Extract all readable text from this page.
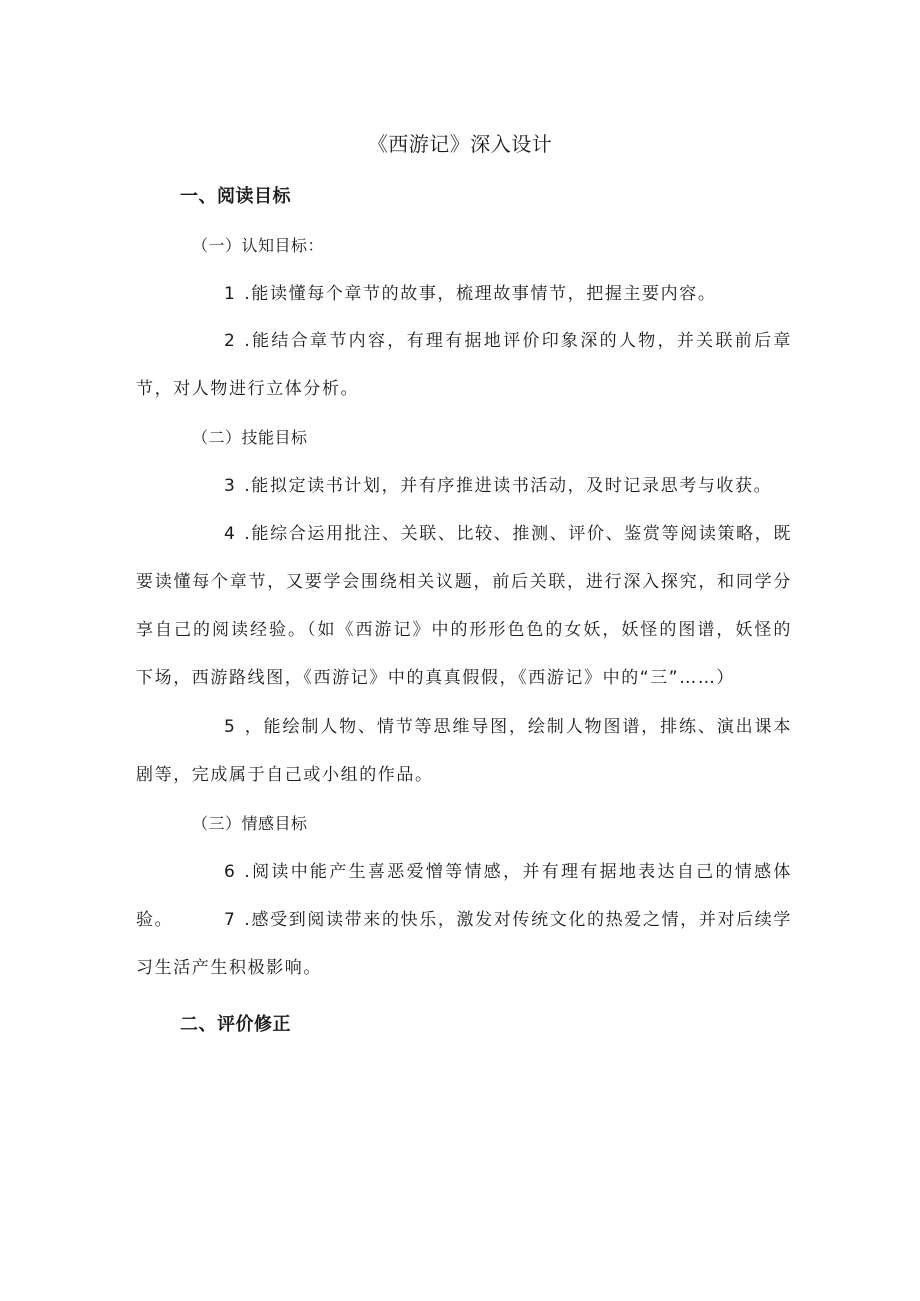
《西游记》深入设计
一、阅读目标
（一）认知目标：
1 .能读懂每个章节的故事，梳理故事情节，把握主要内容。
2 .能结合章节内容，有理有据地评价印象深的人物，并关联前后章节，对人物进行立体分析。
（二）技能目标
3 .能拟定读书计划，并有序推进读书活动，及时记录思考与收获。
4 .能综合运用批注、关联、比较、推测、评价、鉴赏等阅读策略，既要读懂每个章节，又要学会围绕相关议题，前后关联，进行深入探究，和同学分享自己的阅读经验。（如《西游记》中的形形色色的女妖，妖怪的图谱，妖怪的下场，西游路线图，《西游记》中的真真假假，《西游记》中的“三”……）
5 ，能绘制人物、情节等思维导图，绘制人物图谱，排练、演出课本剧等，完成属于自己或小组的作品。
（三）情感目标
6 .阅读中能产生喜恶爱憎等情感，并有理有据地表达自己的情感体验。	7 .感受到阅读带来的快乐，激发对传统文化的热爱之情，并对后续学习生活产生积极影响。
二、评价修正
